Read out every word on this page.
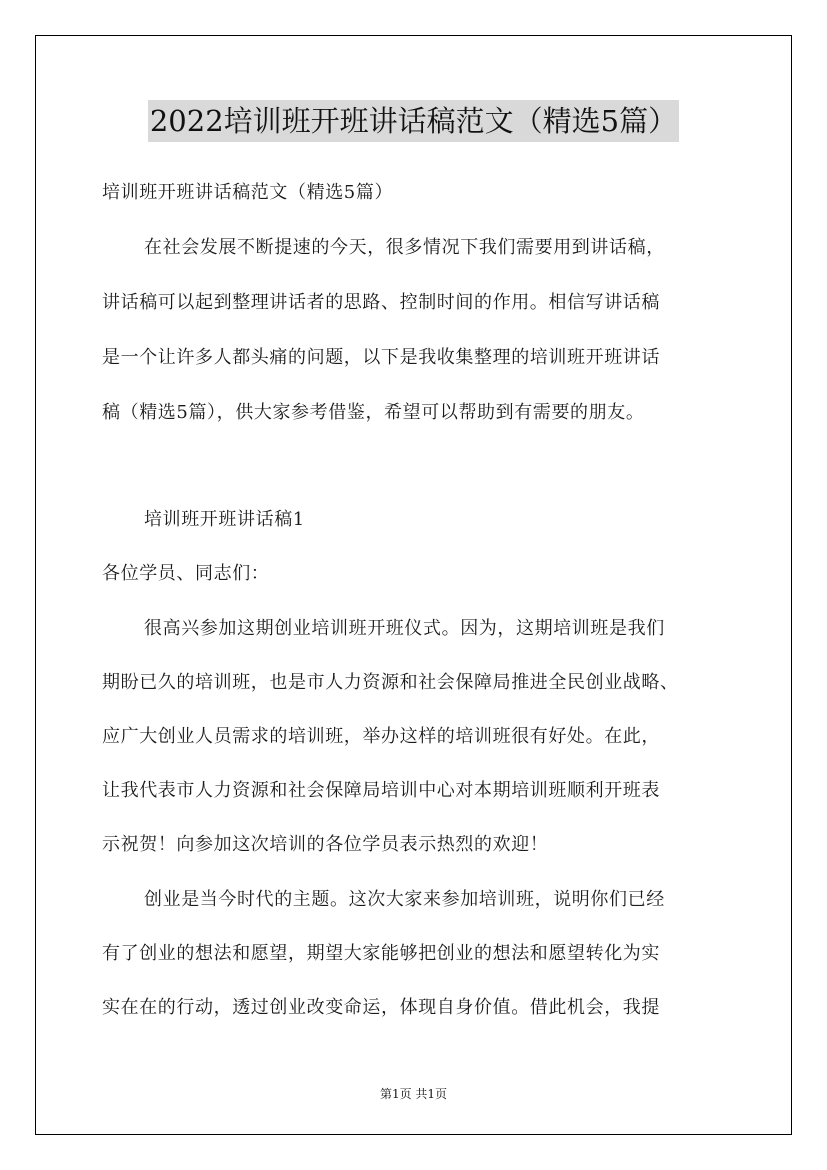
2022培训班开班讲话稿范文（精选5篇）
培训班开班讲话稿范文（精选5篇）
在社会发展不断提速的今天，很多情况下我们需要用到讲话稿，
讲话稿可以起到整理讲话者的思路、控制时间的作用。相信写讲话稿
是一个让许多人都头痛的问题，以下是我收集整理的培训班开班讲话
稿（精选5篇），供大家参考借鉴，希望可以帮助到有需要的朋友。
培训班开班讲话稿1
各位学员、同志们：
很高兴参加这期创业培训班开班仪式。因为，这期培训班是我们
期盼已久的培训班，也是市人力资源和社会保障局推进全民创业战略、
应广大创业人员需求的培训班，举办这样的培训班很有好处。在此，
让我代表市人力资源和社会保障局培训中心对本期培训班顺利开班表
示祝贺！向参加这次培训的各位学员表示热烈的欢迎！
创业是当今时代的主题。这次大家来参加培训班，说明你们已经
有了创业的想法和愿望，期望大家能够把创业的想法和愿望转化为实
实在在的行动，透过创业改变命运，体现自身价值。借此机会，我提
第1页 共1页
